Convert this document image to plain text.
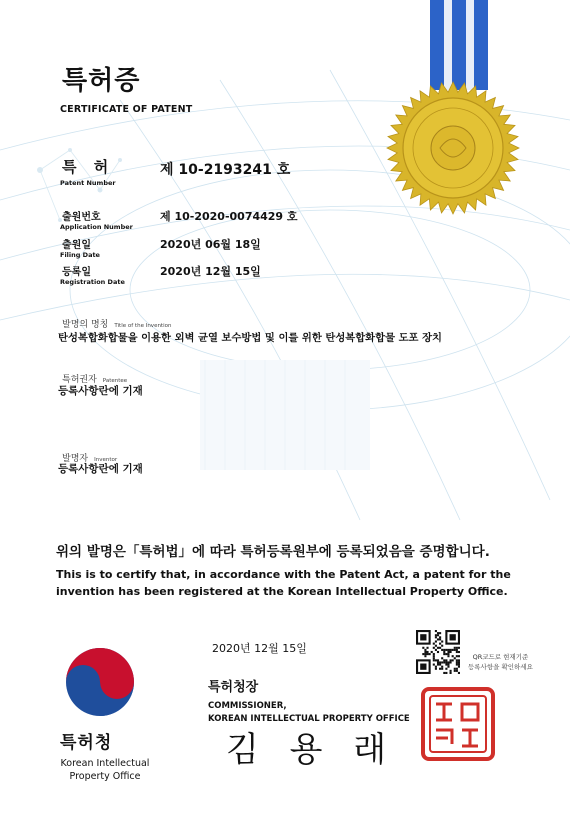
특허증
CERTIFICATE OF PATENT
특 허
Patent Number
제 10-2193241 호
출원번호
Application Number
제 10-2020-0074429 호
출원일
Filing Date
2020년 06월 18일
등록일
Registration Date
2020년 12월 15일
발명의 명칭 Title of the Invention
탄성복합화합물을 이용한 외벽 균열 보수방법 및 이를 위한 탄성복합화합물 도포 장치
특허권자 Patentee
등록사항란에 기재
발명자 Inventor
등록사항란에 기재
위의 발명은「특허법」에 따라 특허등록원부에 등록되었음을 증명합니다.
This is to certify that, in accordance with the Patent Act, a patent for the
invention has been registered at the Korean Intellectual Property Office.
2020년 12월 15일
QR코드로 현재기준
등록사항을 확인하세요
특허청장
COMMISSIONER,
KOREAN INTELLECTUAL PROPERTY OFFICE
김 용 래
특허청
Korean Intellectual Property Office
